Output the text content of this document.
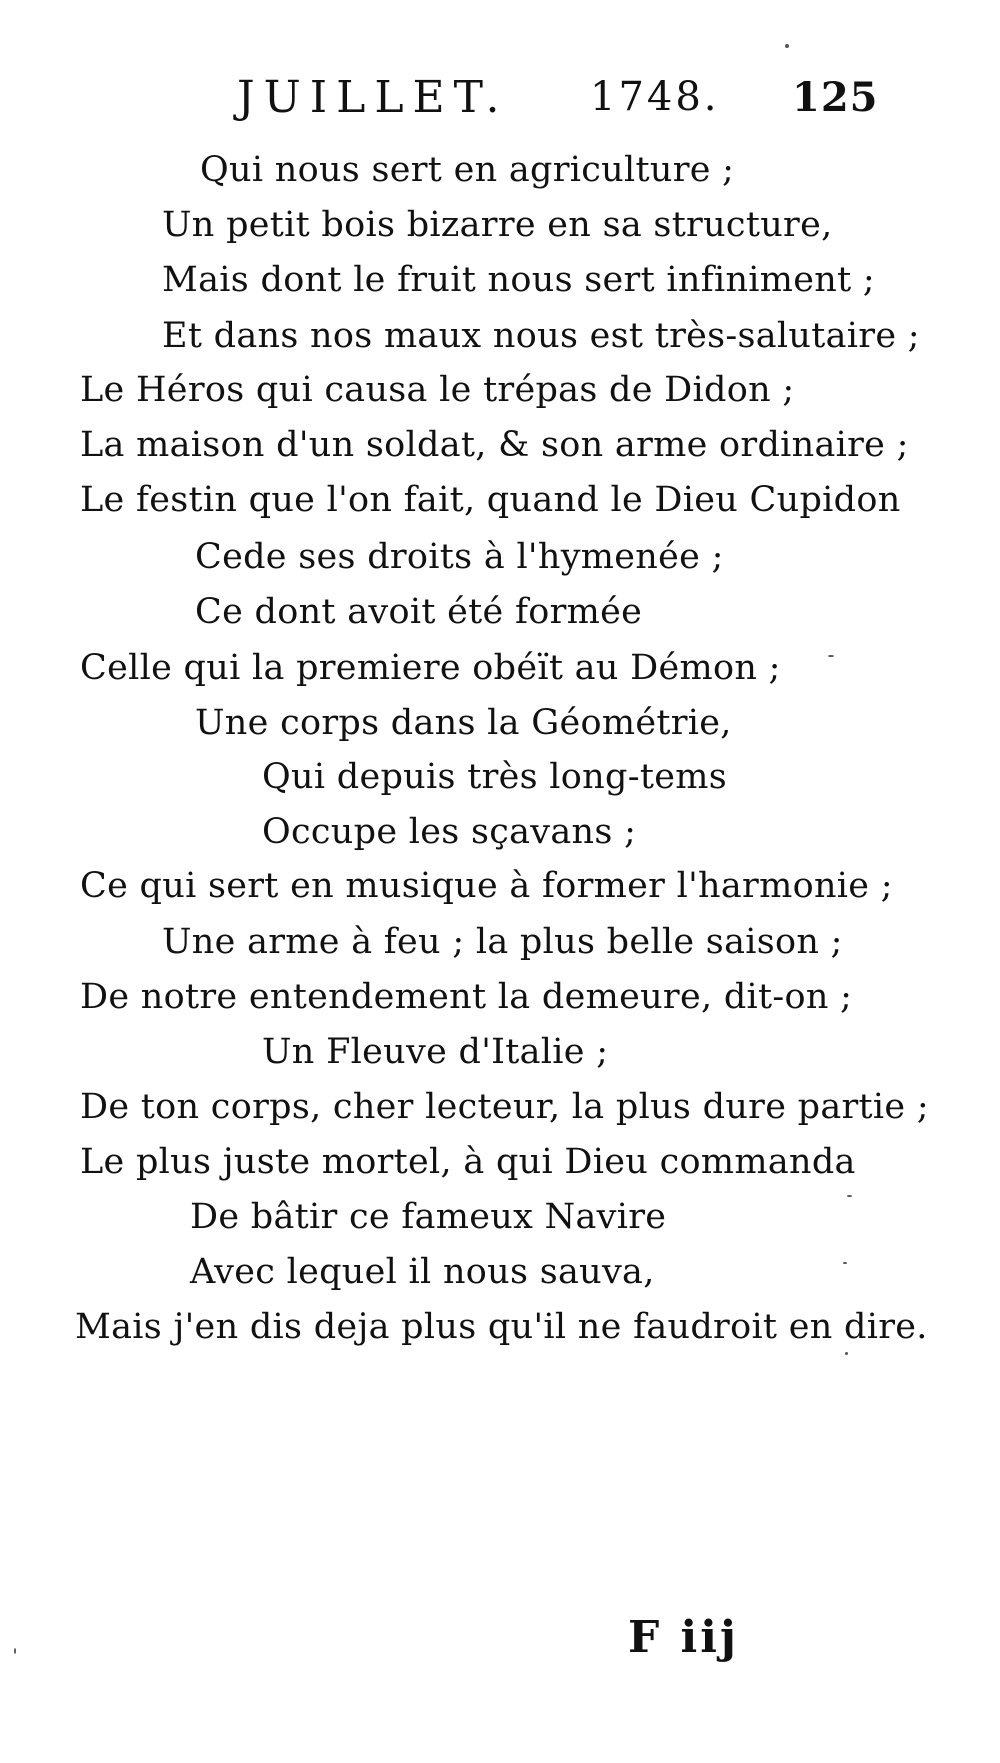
JUILLET. 1748. 125
Qui nous sert en agriculture ;
Un petit bois bizarre en sa structure,
Mais dont le fruit nous sert infiniment ;
Et dans nos maux nous est très-salutaire ;
Le Héros qui causa le trépas de Didon ;
La maison d'un soldat, & son arme ordinaire ;
Le festin que l'on fait, quand le Dieu Cupidon
Cede ses droits à l'hymenée ;
Ce dont avoit été formée
Celle qui la premiere obéït au Démon ;
Une corps dans la Géométrie,
Qui depuis très long-tems
Occupe les sçavans ;
Ce qui sert en musique à former l'harmonie ;
Une arme à feu ; la plus belle saison ;
De notre entendement la demeure, dit-on ;
Un Fleuve d'Italie ;
De ton corps, cher lecteur, la plus dure partie ;
Le plus juste mortel, à qui Dieu commanda
De bâtir ce fameux Navire
Avec lequel il nous sauva,
Mais j'en dis deja plus qu'il ne faudroit en dire.
F iij
